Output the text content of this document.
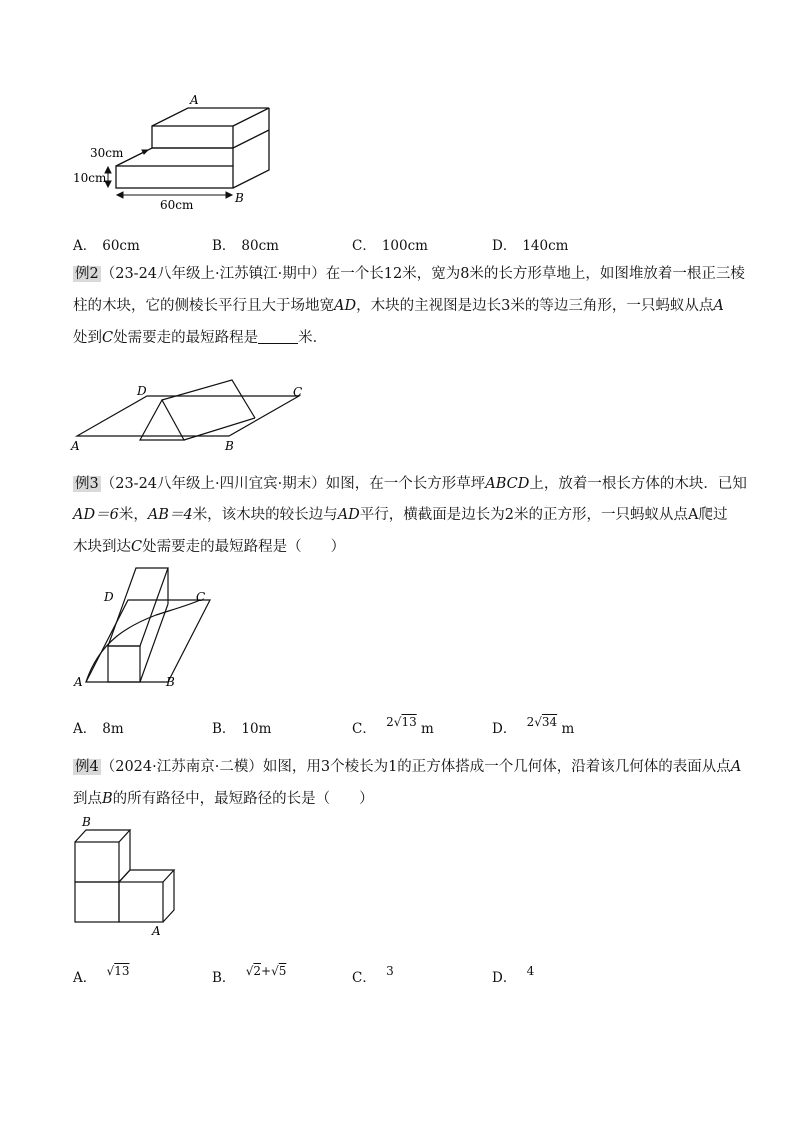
A
B
30cm
10cm
60cm
A． 60cm	B． 80cm	C． 100cm	D． 140cm
例2 （23-24八年级上·江苏镇江·期中）在一个长12米，宽为8米的长方形草地上，如图堆放着一根正三棱
柱的木块，它的侧棱长平行且大于场地宽AD，木块的主视图是边长3米的等边三角形，一只蚂蚁从点A
处到C处需要走的最短路程是	米．
D	C
A	B
例3 （23-24八年级上·四川宜宾·期末）如图，在一个长方形草坪ABCD上，放着一根长方体的木块．已知
AD＝6米，AB＝4米，该木块的较长边与AD平行，横截面是边长为2米的正方形，一只蚂蚁从点A爬过
木块到达C处需要走的最短路程是（　　）
D	C
A	B
A． 8m	B． 10m	C． 2√13 m	D． 2√34 m
例4 （2024·江苏南京·二模）如图，用3个棱长为1的正方体搭成一个几何体，沿着该几何体的表面从点A
到点B的所有路径中，最短路径的长是（　　）
B
A
A． √13	B． √2+√5	C． 3	D． 4
